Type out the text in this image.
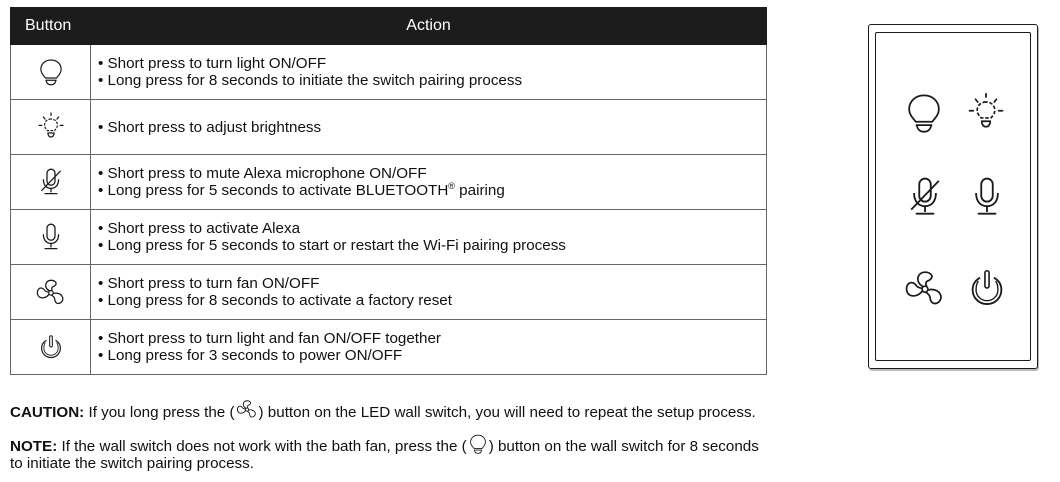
Button	Action

• Short press to turn light ON/OFF
• Long press for 8 seconds to initiate the switch pairing process

• Short press to adjust brightness

• Short press to mute Alexa microphone ON/OFF
• Long press for 5 seconds to activate BLUETOOTH® pairing

• Short press to activate Alexa
• Long press for 5 seconds to start or restart the Wi-Fi pairing process

• Short press to turn fan ON/OFF
• Long press for 8 seconds to activate a factory reset

• Short press to turn light and fan ON/OFF together
• Long press for 3 seconds to power ON/OFF
CAUTION: If you long press the ( ) button on the LED wall switch, you will need to repeat the setup process.
NOTE: If the wall switch does not work with the bath fan, press the ( ) button on the wall switch for 8 seconds
to initiate the switch pairing process.
